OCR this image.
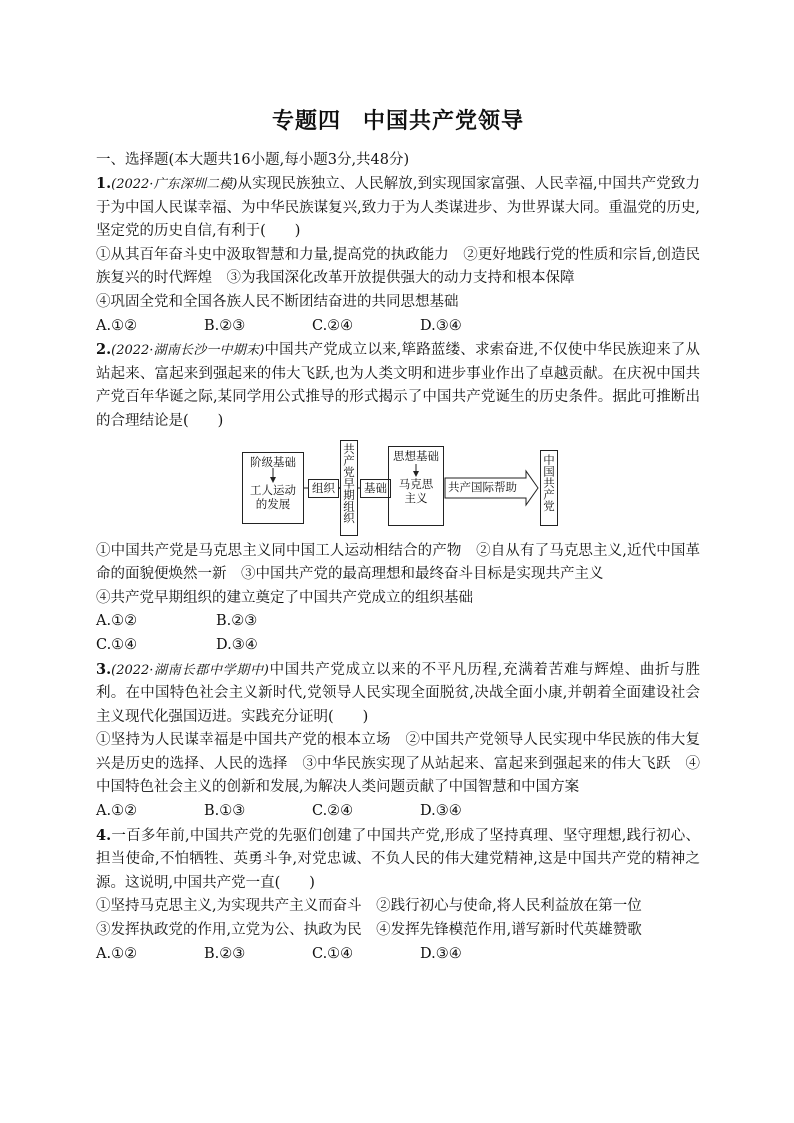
专题四 中国共产党领导
一、选择题(本大题共16小题,每小题3分,共48分)

1.(2022·广东深圳二模)从实现民族独立、人民解放,到实现国家富强、人民幸福,中国共产党致力于为中国人民谋幸福、为中华民族谋复兴,致力于为人类谋进步、为世界谋大同。重温党的历史,坚定党的历史自信,有利于(　　)

①从其百年奋斗史中汲取智慧和力量,提高党的执政能力　②更好地践行党的性质和宗旨,创造民族复兴的时代辉煌　③为我国深化改革开放提供强大的动力支持和根本保障

④巩固全党和全国各族人民不断团结奋进的共同思想基础

A.①②	B.②③	C.②④	D.③④

2.(2022·湖南长沙一中期末)中国共产党成立以来,筚路蓝缕、求索奋进,不仅使中华民族迎来了从站起来、富起来到强起来的伟大飞跃,也为人类文明和进步事业作出了卓越贡献。在庆祝中国共产党百年华诞之际,某同学用公式推导的形式揭示了中国共产党诞生的历史条件。据此可推断出的合理结论是(　　)

阶级基础
工人运动的发展
组织 共产党早期组织 基础
思想基础
马克思主义
共产国际帮助 中国共产党

①中国共产党是马克思主义同中国工人运动相结合的产物　②自从有了马克思主义,近代中国革命的面貌便焕然一新　③中国共产党的最高理想和最终奋斗目标是实现共产主义

④共产党早期组织的建立奠定了中国共产党成立的组织基础

A.①②	B.②③
C.①④	D.③④

3.(2022·湖南长郡中学期中)中国共产党成立以来的不平凡历程,充满着苦难与辉煌、曲折与胜利。在中国特色社会主义新时代,党领导人民实现全面脱贫,决战全面小康,并朝着全面建设社会主义现代化强国迈进。实践充分证明(　　)

①坚持为人民谋幸福是中国共产党的根本立场　②中国共产党领导人民实现中华民族的伟大复兴是历史的选择、人民的选择　③中华民族实现了从站起来、富起来到强起来的伟大飞跃　④中国特色社会主义的创新和发展,为解决人类问题贡献了中国智慧和中国方案

A.①②	B.①③	C.②④	D.③④

4.一百多年前,中国共产党的先驱们创建了中国共产党,形成了坚持真理、坚守理想,践行初心、担当使命,不怕牺牲、英勇斗争,对党忠诚、不负人民的伟大建党精神,这是中国共产党的精神之源。这说明,中国共产党一直(　　)

①坚持马克思主义,为实现共产主义而奋斗　②践行初心与使命,将人民利益放在第一位

③发挥执政党的作用,立党为公、执政为民　④发挥先锋模范作用,谱写新时代英雄赞歌

A.①②	B.②③	C.①④	D.③④
